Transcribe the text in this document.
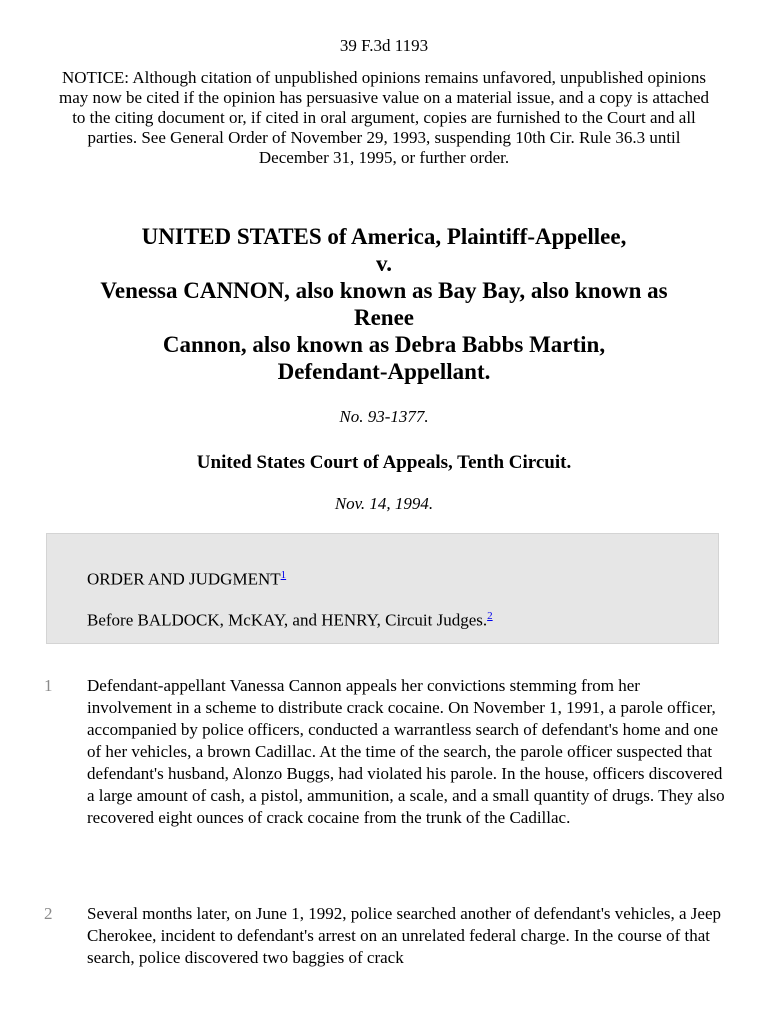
39 F.3d 1193
NOTICE: Although citation of unpublished opinions remains unfavored, unpublished opinions may now be cited if the opinion has persuasive value on a material issue, and a copy is attached to the citing document or, if cited in oral argument, copies are furnished to the Court and all parties. See General Order of November 29, 1993, suspending 10th Cir. Rule 36.3 until December 31, 1995, or further order.
UNITED STATES of America, Plaintiff-Appellee,
v.
Venessa CANNON, also known as Bay Bay, also known as
Renee
Cannon, also known as Debra Babbs Martin,
Defendant-Appellant.
No. 93-1377.
United States Court of Appeals, Tenth Circuit.
Nov. 14, 1994.
ORDER AND JUDGMENT$^1$
Before BALDOCK, McKAY, and HENRY, Circuit Judges.$^2$
1 Defendant-appellant Vanessa Cannon appeals her convictions stemming from her involvement in a scheme to distribute crack cocaine. On November 1, 1991, a parole officer, accompanied by police officers, conducted a warrantless search of defendant's home and one of her vehicles, a brown Cadillac. At the time of the search, the parole officer suspected that defendant's husband, Alonzo Buggs, had violated his parole. In the house, officers discovered a large amount of cash, a pistol, ammunition, a scale, and a small quantity of drugs. They also recovered eight ounces of crack cocaine from the trunk of the Cadillac.
2 Several months later, on June 1, 1992, police searched another of defendant's vehicles, a Jeep Cherokee, incident to defendant's arrest on an unrelated federal charge. In the course of that search, police discovered two baggies of crack
